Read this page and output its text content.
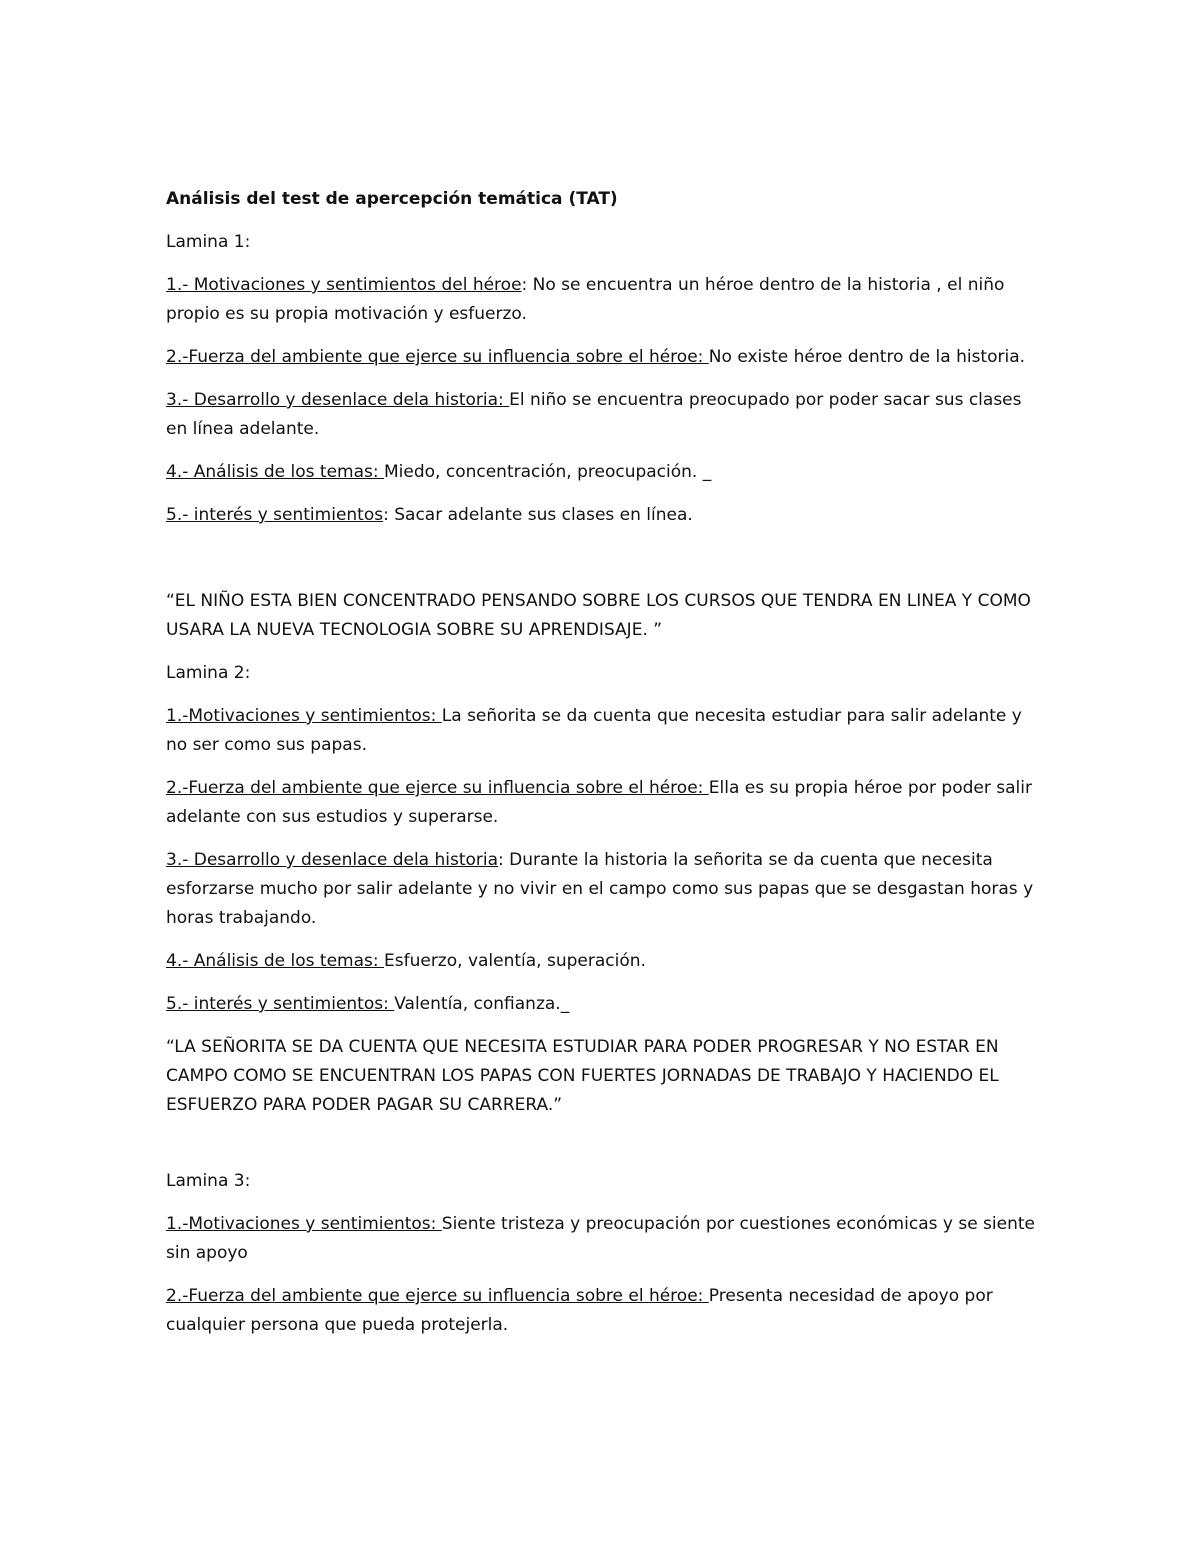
Análisis del test de apercepción temática (TAT)

Lamina 1:

1.- Motivaciones y sentimientos del héroe: No se encuentra un héroe dentro de la historia , el niño propio es su propia motivación y esfuerzo.

2.-Fuerza del ambiente que ejerce su influencia sobre el héroe: No existe héroe dentro de la historia.

3.- Desarrollo y desenlace dela historia: El niño se encuentra preocupado por poder sacar sus clases en línea adelante.

4.- Análisis de los temas: Miedo, concentración, preocupación. _

5.- interés y sentimientos: Sacar adelante sus clases en línea.

“EL NIÑO ESTA BIEN CONCENTRADO PENSANDO SOBRE LOS CURSOS QUE TENDRA EN LINEA Y COMO USARA LA NUEVA TECNOLOGIA SOBRE SU APRENDISAJE. ”

Lamina 2:

1.-Motivaciones y sentimientos: La señorita se da cuenta que necesita estudiar para salir adelante y no ser como sus papas.

2.-Fuerza del ambiente que ejerce su influencia sobre el héroe: Ella es su propia héroe por poder salir adelante con sus estudios y superarse.

3.- Desarrollo y desenlace dela historia: Durante la historia la señorita se da cuenta que necesita esforzarse mucho por salir adelante y no vivir en el campo como sus papas que se desgastan horas y horas trabajando.

4.- Análisis de los temas: Esfuerzo, valentía, superación.

5.- interés y sentimientos: Valentía, confianza._

“LA SEÑORITA SE DA CUENTA QUE NECESITA ESTUDIAR PARA PODER PROGRESAR Y NO ESTAR EN CAMPO COMO SE ENCUENTRAN LOS PAPAS CON FUERTES JORNADAS DE TRABAJO Y HACIENDO EL ESFUERZO PARA PODER PAGAR SU CARRERA.”

Lamina 3:

1.-Motivaciones y sentimientos: Siente tristeza y preocupación por cuestiones económicas y se siente sin apoyo

2.-Fuerza del ambiente que ejerce su influencia sobre el héroe: Presenta necesidad de apoyo por cualquier persona que pueda protejerla.
